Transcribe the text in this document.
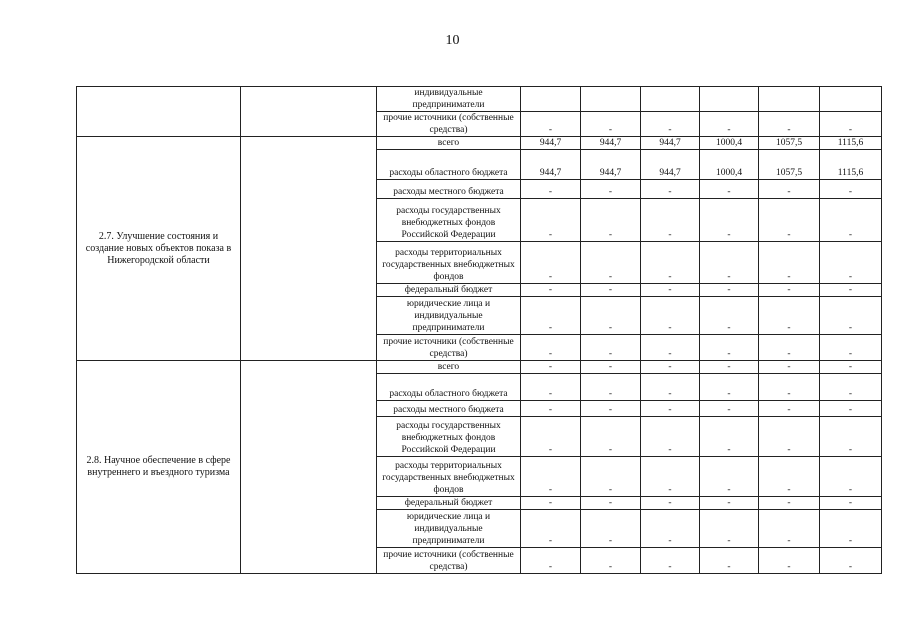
10
		индивидуальные предприниматели						
		прочие источники (собственные средства)	-	-	-	-	-	-
2.7. Улучшение состояния и создание новых объектов показа в Нижегородской области		всего	944,7	944,7	944,7	1000,4	1057,5	1115,6
		расходы областного бюджета	944,7	944,7	944,7	1000,4	1057,5	1115,6
		расходы местного бюджета	-	-	-	-	-	-
		расходы государственных внебюджетных фондов Российской Федерации	-	-	-	-	-	-
		расходы территориальных государственных внебюджетных фондов	-	-	-	-	-	-
		федеральный бюджет	-	-	-	-	-	-
		юридические лица и индивидуальные предприниматели	-	-	-	-	-	-
		прочие источники (собственные средства)	-	-	-	-	-	-
2.8. Научное обеспечение в сфере внутреннего и въездного туризма		всего	-	-	-	-	-	-
		расходы областного бюджета	-	-	-	-	-	-
		расходы местного бюджета	-	-	-	-	-	-
		расходы государственных внебюджетных фондов Российской Федерации	-	-	-	-	-	-
		расходы территориальных государственных внебюджетных фондов	-	-	-	-	-	-
		федеральный бюджет	-	-	-	-	-	-
		юридические лица и индивидуальные предприниматели	-	-	-	-	-	-
		прочие источники (собственные средства)	-	-	-	-	-	-
